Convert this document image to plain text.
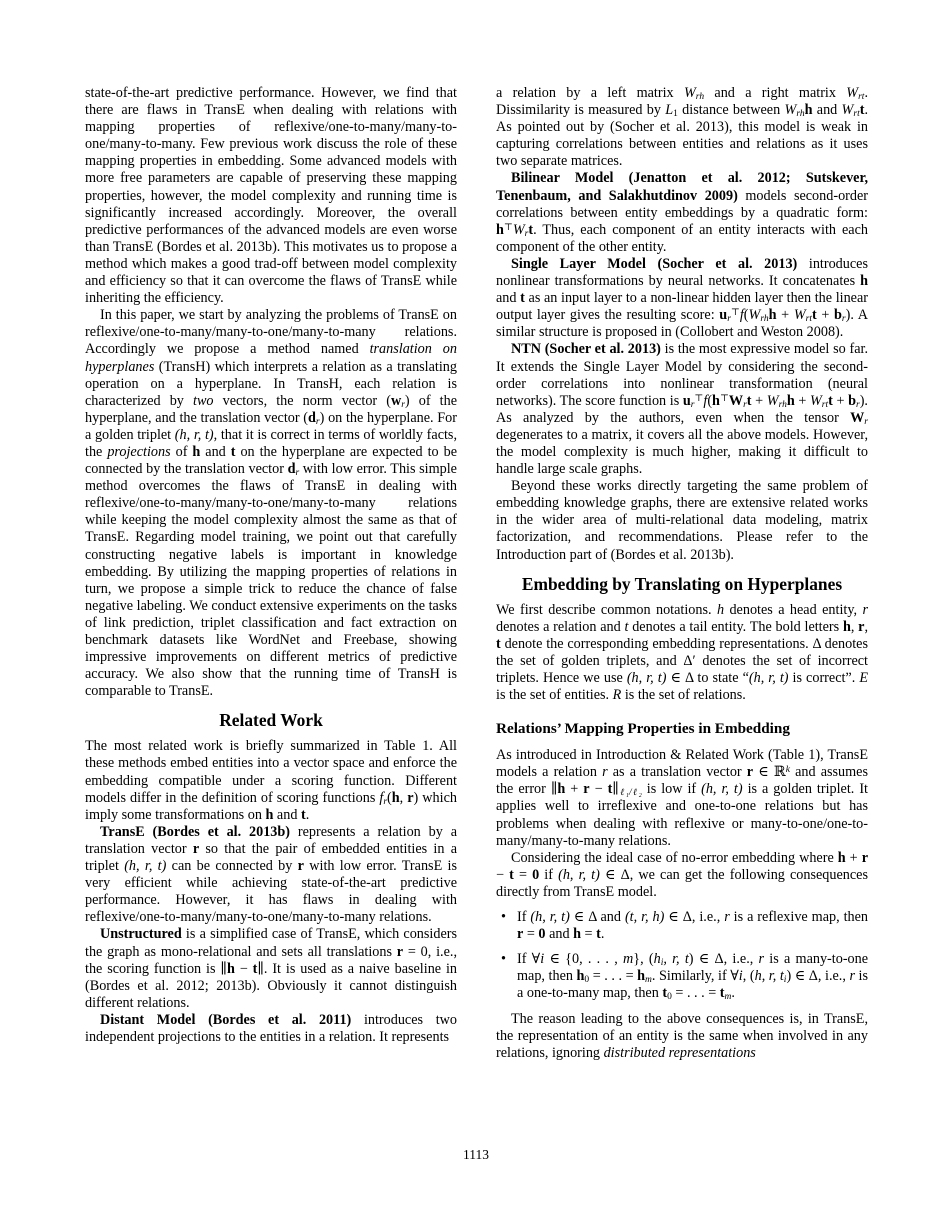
state-of-the-art predictive performance. However, we find that there are flaws in TransE when dealing with relations with mapping properties of reflexive/one-to-many/many-to-one/many-to-many. Few previous work discuss the role of these mapping properties in embedding. Some advanced models with more free parameters are capable of preserving these mapping properties, however, the model complexity and running time is significantly increased accordingly. Moreover, the overall predictive performances of the advanced models are even worse than TransE (Bordes et al. 2013b). This motivates us to propose a method which makes a good trad-off between model complexity and efficiency so that it can overcome the flaws of TransE while inheriting the efficiency.
In this paper, we start by analyzing the problems of TransE on reflexive/one-to-many/many-to-one/many-to-many relations. Accordingly we propose a method named translation on hyperplanes (TransH) which interprets a relation as a translating operation on a hyperplane. In TransH, each relation is characterized by two vectors, the norm vector $(w_r)$ of the hyperplane, and the translation vector $(d_r)$ on the hyperplane. For a golden triplet (h, r, t), that it is correct in terms of worldly facts, the projections of h and t on the hyperplane are expected to be connected by the translation vector $d_r$ with low error. This simple method overcomes the flaws of TransE in dealing with reflexive/one-to-many/many-to-one/many-to-many relations while keeping the model complexity almost the same as that of TransE. Regarding model training, we point out that carefully constructing negative labels is important in knowledge embedding. By utilizing the mapping properties of relations in turn, we propose a simple trick to reduce the chance of false negative labeling. We conduct extensive experiments on the tasks of link prediction, triplet classification and fact extraction on benchmark datasets like WordNet and Freebase, showing impressive improvements on different metrics of predictive accuracy. We also show that the running time of TransH is comparable to TransE.
Related Work
The most related work is briefly summarized in Table 1. All these methods embed entities into a vector space and enforce the embedding compatible under a scoring function. Different models differ in the definition of scoring functions $f_r(h$, r) which imply some transformations on h and t.
TransE (Bordes et al. 2013b) represents a relation by a translation vector r so that the pair of embedded entities in a triplet (h, r, t) can be connected by r with low error. TransE is very efficient while achieving state-of-the-art predictive performance. However, it has flaws in dealing with reflexive/one-to-many/many-to-one/many-to-many relations.
Unstructured is a simplified case of TransE, which considers the graph as mono-relational and sets all translations r = 0, i.e., the scoring function is ∥h − t∥. It is used as a naive baseline in (Bordes et al. 2012; 2013b). Obviously it cannot distinguish different relations.
Distant Model (Bordes et al. 2011) introduces two independent projections to the entities in a relation. It represents
a relation by a left matrix $W_{rh}$ and a right matrix $W_{rt}$. Dissimilarity is measured by $L_1$ distance between $W_{rh}h$ and $W_{rt}t$. As pointed out by (Socher et al. 2013), this model is weak in capturing correlations between entities and relations as it uses two separate matrices.
Bilinear Model (Jenatton et al. 2012; Sutskever, Tenenbaum, and Salakhutdinov 2009) models second-order correlations between entity embeddings by a quadratic form: $h^⊤W_rt$. Thus, each component of an entity interacts with each component of the other entity.
Single Layer Model (Socher et al. 2013) introduces nonlinear transformations by neural networks. It concatenates h and t as an input layer to a non-linear hidden layer then the linear output layer gives the resulting score: $u_r^⊤f(W_{rh}h + W_{rt}t + b_r)$. A similar structure is proposed in (Collobert and Weston 2008).
NTN (Socher et al. 2013) is the most expressive model so far. It extends the Single Layer Model by considering the second-order correlations into nonlinear transformation (neural networks). The score function is $u_r^⊤f(h^⊤W_rt + W_{rh}h + W_{rt}t + b_r)$. As analyzed by the authors, even when the tensor $W_r$ degenerates to a matrix, it covers all the above models. However, the model complexity is much higher, making it difficult to handle large scale graphs.
Beyond these works directly targeting the same problem of embedding knowledge graphs, there are extensive related works in the wider area of multi-relational data modeling, matrix factorization, and recommendations. Please refer to the Introduction part of (Bordes et al. 2013b).
Embedding by Translating on Hyperplanes
We first describe common notations. h denotes a head entity, r denotes a relation and t denotes a tail entity. The bold letters h, r, t denote the corresponding embedding representations. Δ denotes the set of golden triplets, and Δ′ denotes the set of incorrect triplets. Hence we use (h, r, t) ∈ Δ to state “(h, r, t) is correct”. E is the set of entities. R is the set of relations.
Relations’ Mapping Properties in Embedding
As introduced in Introduction & Related Work (Table 1), TransE models a relation r as a translation vector r ∈ ℝ$^k$ and assumes the error ∥h + $r - t\parallel_{\ell_1/\ell_2}$ is low if (h, r, t) is a golden triplet. It applies well to irreflexive and one-to-one relations but has problems when dealing with reflexive or many-to-one/one-to-many/many-to-many relations.
Considering the ideal case of no-error embedding where h + r − t = 0 if (h, r, t) ∈ Δ, we can get the following consequences directly from TransE model.
• If (h, r, t) ∈ Δ and (t, r, h) ∈ Δ, i.e., r is a reflexive map, then r = 0 and h = t.
• If ∀i ∈ {0, . . . , m}, ($h_i$, r, t) ∈ Δ, i.e., r is a many-to-one map, then $h_0$ = . . . = $h_m$. Similarly, if ∀i, (h, r, $t_i$) ∈ Δ, i.e., r is a one-to-many map, then $t_0$ = . . . = $t_m$.
The reason leading to the above consequences is, in TransE, the representation of an entity is the same when involved in any relations, ignoring distributed representations
1113
